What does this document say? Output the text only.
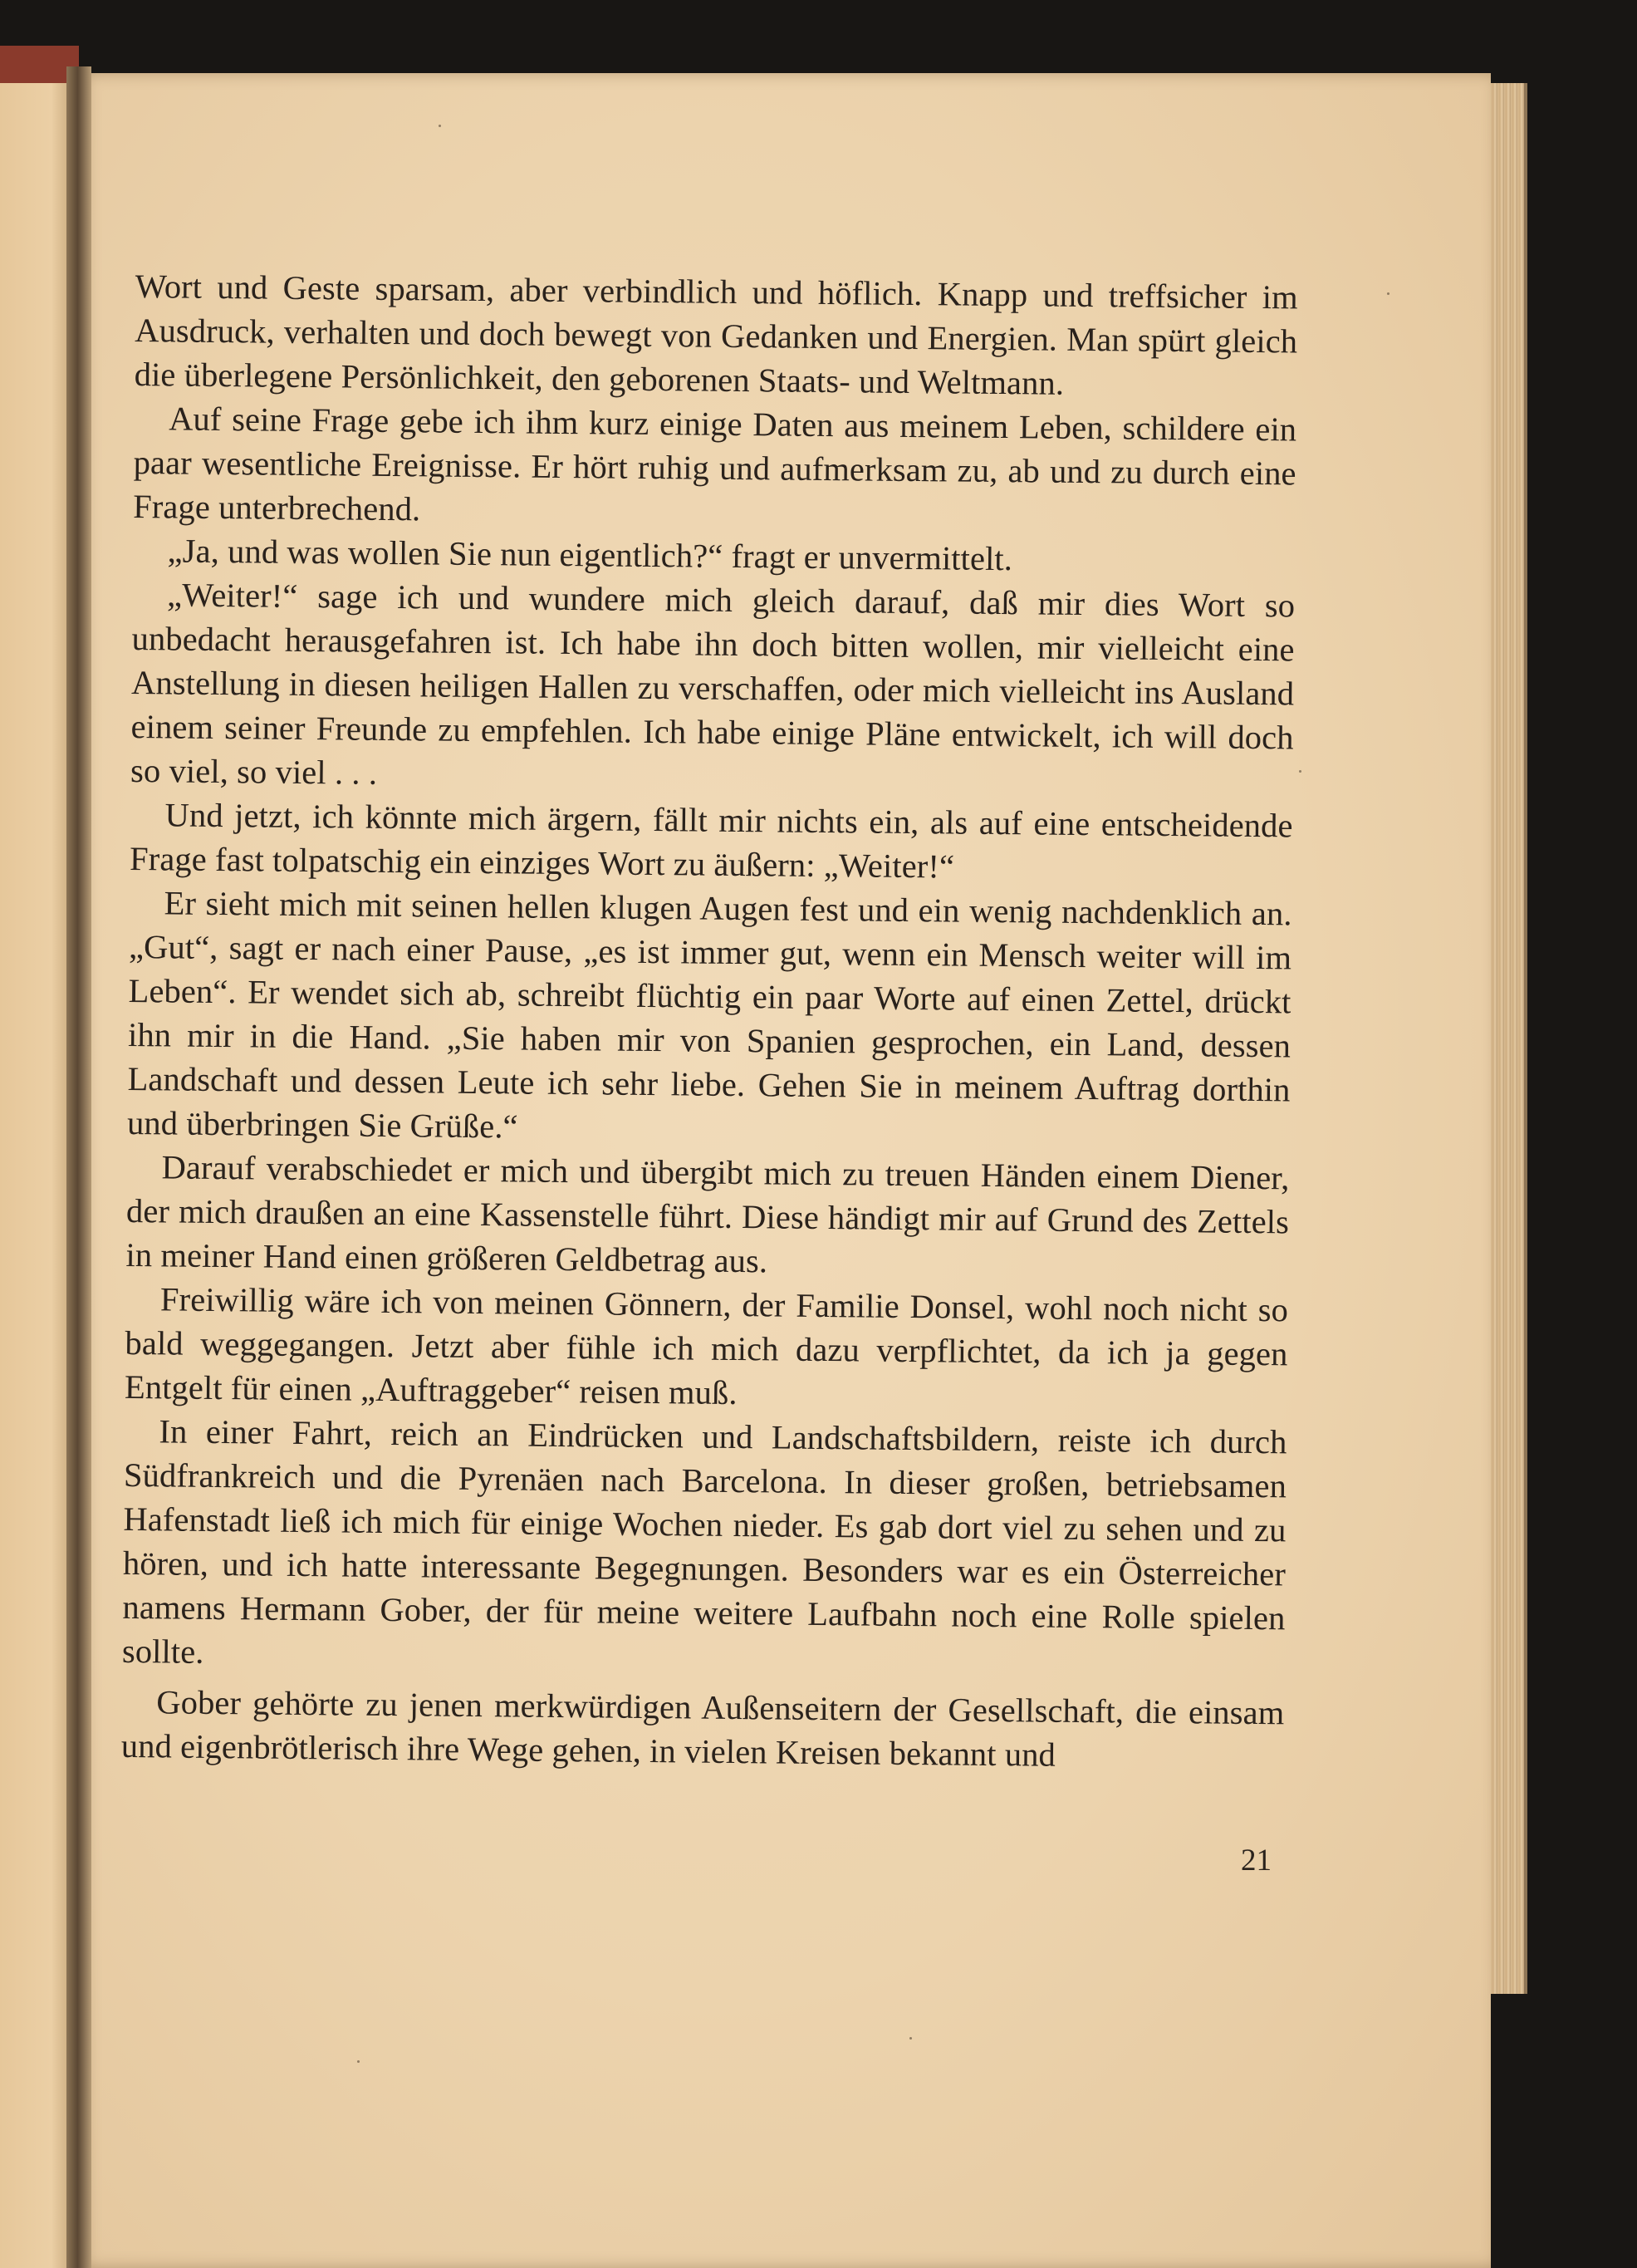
Wort und Geste sparsam, aber verbindlich und höflich. Knapp und treffsicher im Ausdruck, verhalten und doch bewegt von Gedanken und Energien. Man spürt gleich die überlegene Persönlichkeit, den geborenen Staats- und Weltmann.

Auf seine Frage gebe ich ihm kurz einige Daten aus meinem Leben, schildere ein paar wesentliche Ereignisse. Er hört ruhig und aufmerksam zu, ab und zu durch eine Frage unterbrechend.

„Ja, und was wollen Sie nun eigentlich?“ fragt er unvermittelt.

„Weiter!“ sage ich und wundere mich gleich darauf, daß mir dies Wort so unbedacht herausgefahren ist. Ich habe ihn doch bitten wollen, mir vielleicht eine Anstellung in diesen heiligen Hallen zu verschaffen, oder mich vielleicht ins Ausland einem seiner Freunde zu empfehlen. Ich habe einige Pläne entwickelt, ich will doch so viel, so viel . . .

Und jetzt, ich könnte mich ärgern, fällt mir nichts ein, als auf eine entscheidende Frage fast tolpatschig ein einziges Wort zu äußern: „Weiter!“

Er sieht mich mit seinen hellen klugen Augen fest und ein wenig nachdenklich an. „Gut“, sagt er nach einer Pause, „es ist immer gut, wenn ein Mensch weiter will im Leben“. Er wendet sich ab, schreibt flüchtig ein paar Worte auf einen Zettel, drückt ihn mir in die Hand. „Sie haben mir von Spanien gesprochen, ein Land, dessen Landschaft und dessen Leute ich sehr liebe. Gehen Sie in meinem Auftrag dorthin und überbringen Sie Grüße.“

Darauf verabschiedet er mich und übergibt mich zu treuen Händen einem Diener, der mich draußen an eine Kassenstelle führt. Diese händigt mir auf Grund des Zettels in meiner Hand einen größeren Geldbetrag aus.

Freiwillig wäre ich von meinen Gönnern, der Familie Donsel, wohl noch nicht so bald weggegangen. Jetzt aber fühle ich mich dazu verpflichtet, da ich ja gegen Entgelt für einen „Auftraggeber“ reisen muß.

In einer Fahrt, reich an Eindrücken und Landschaftsbildern, reiste ich durch Südfrankreich und die Pyrenäen nach Barcelona. In dieser großen, betriebsamen Hafenstadt ließ ich mich für einige Wochen nieder. Es gab dort viel zu sehen und zu hören, und ich hatte interessante Begegnungen. Besonders war es ein Österreicher namens Hermann Gober, der für meine weitere Laufbahn noch eine Rolle spielen sollte.

Gober gehörte zu jenen merkwürdigen Außenseitern der Gesellschaft, die einsam und eigenbrötlerisch ihre Wege gehen, in vielen Kreisen bekannt und

21
